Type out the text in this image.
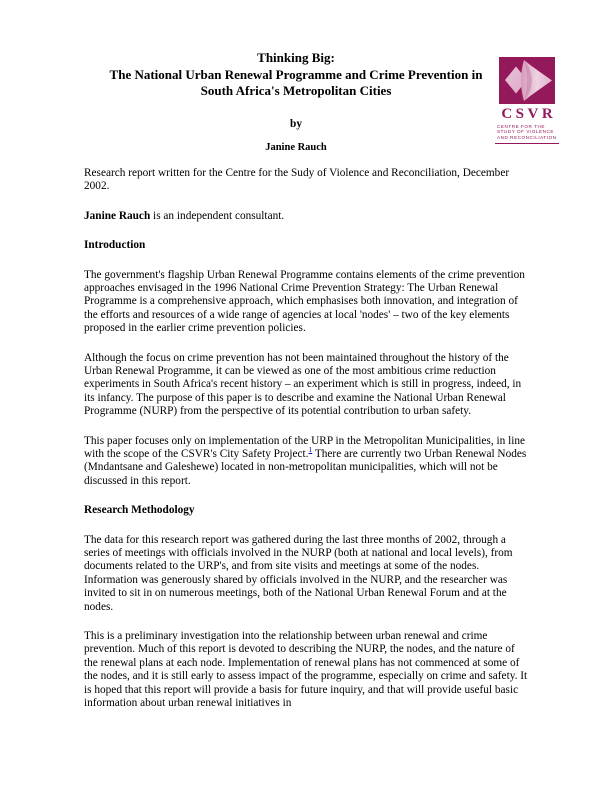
Thinking Big:
The National Urban Renewal Programme and Crime Prevention in
South Africa's Metropolitan Cities
by
Janine Rauch
Research report written for the Centre for the Sudy of Violence and Reconciliation, December 2002.
Janine Rauch is an independent consultant.
Introduction
The government's flagship Urban Renewal Programme contains elements of the crime prevention approaches envisaged in the 1996 National Crime Prevention Strategy: The Urban Renewal Programme is a comprehensive approach, which emphasises both innovation, and integration of the efforts and resources of a wide range of agencies at local 'nodes' – two of the key elements proposed in the earlier crime prevention policies.
Although the focus on crime prevention has not been maintained throughout the history of the Urban Renewal Programme, it can be viewed as one of the most ambitious crime reduction experiments in South Africa's recent history – an experiment which is still in progress, indeed, in its infancy. The purpose of this paper is to describe and examine the National Urban Renewal Programme (NURP) from the perspective of its potential contribution to urban safety.
This paper focuses only on implementation of the URP in the Metropolitan Municipalities, in line with the scope of the CSVR's City Safety Project.$^1$ There are currently two Urban Renewal Nodes (Mndantsane and Galeshewe) located in non-metropolitan municipalities, which will not be discussed in this report.
Research Methodology
The data for this research report was gathered during the last three months of 2002, through a series of meetings with officials involved in the NURP (both at national and local levels), from documents related to the URP's, and from site visits and meetings at some of the nodes. Information was generously shared by officials involved in the NURP, and the researcher was invited to sit in on numerous meetings, both of the National Urban Renewal Forum and at the nodes.
This is a preliminary investigation into the relationship between urban renewal and crime prevention. Much of this report is devoted to describing the NURP, the nodes, and the nature of the renewal plans at each node. Implementation of renewal plans has not commenced at some of the nodes, and it is still early to assess impact of the programme, especially on crime and safety. It is hoped that this report will provide a basis for future inquiry, and that will provide useful basic information about urban renewal initiatives in
CSVR
CENTRE FOR THE
STUDY OF VIOLENCE
AND RECONCILIATION
